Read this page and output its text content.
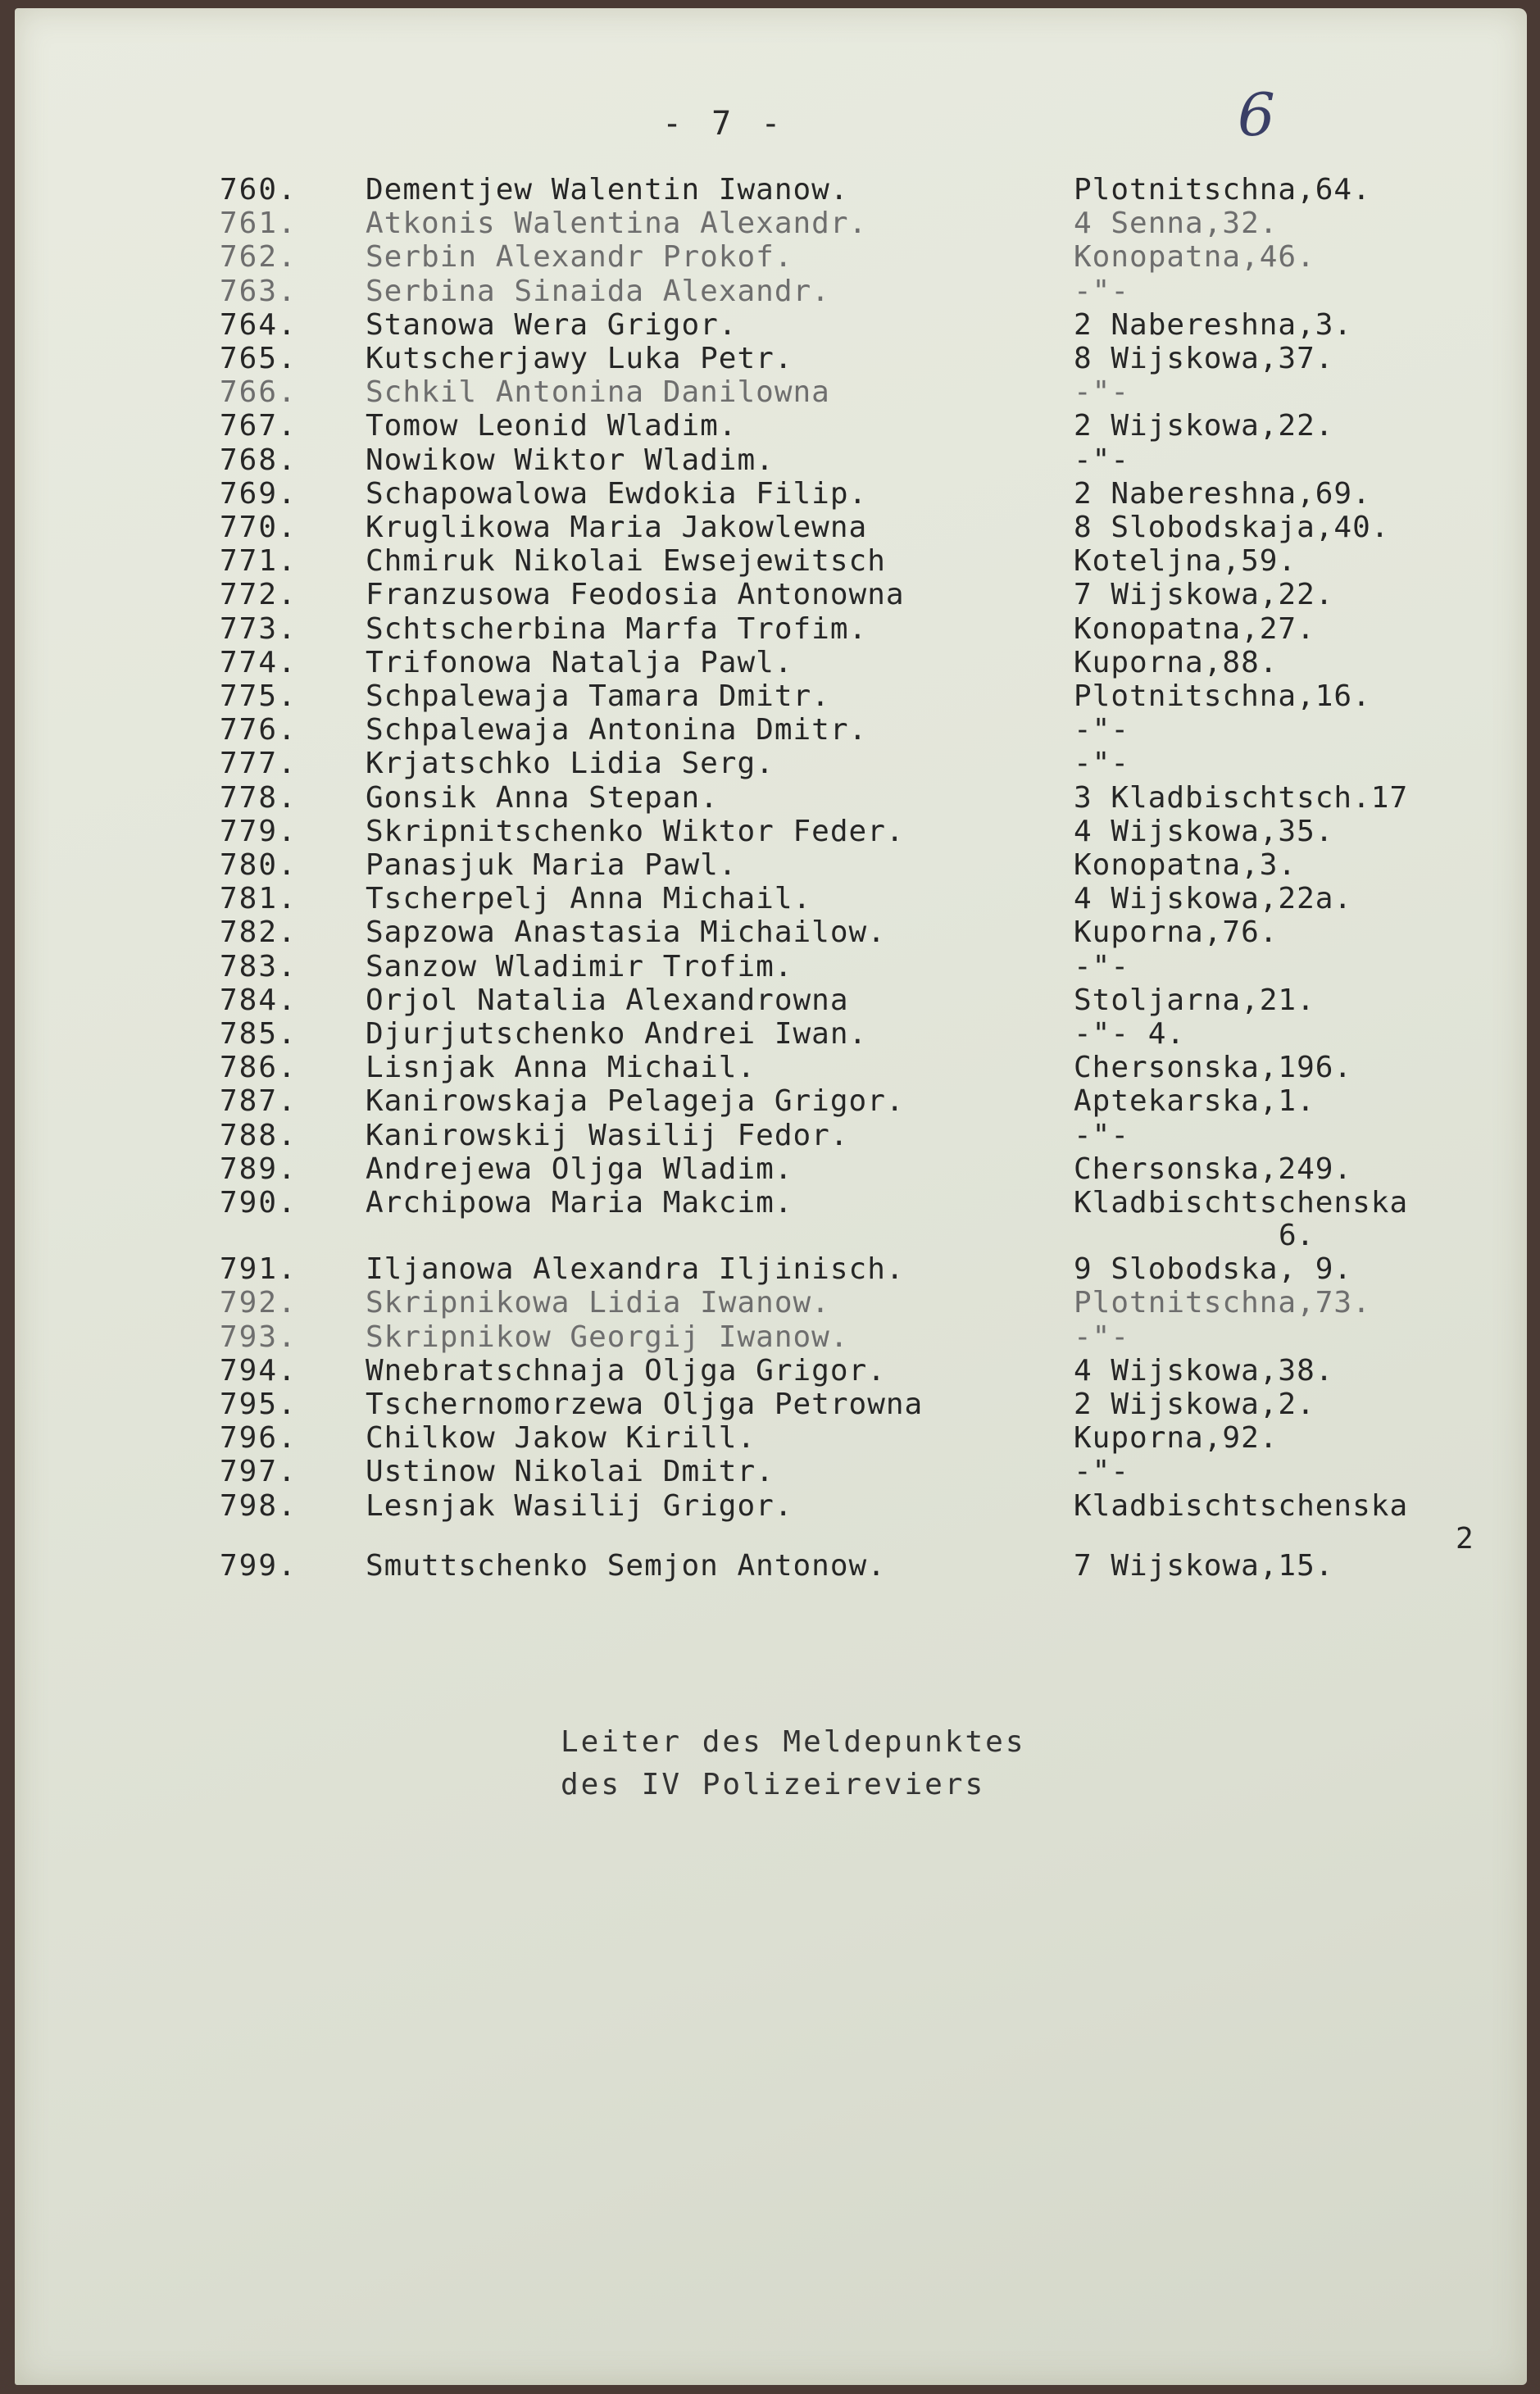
- 7 -	6
760. Dementjew Walentin Iwanow.	Plotnitschna,64.
761. Atkonis Walentina Alexandr.	4 Senna,32.
762. Serbin Alexandr Prokof.	Konopatna,46.
763. Serbina Sinaida Alexandr.	-"-
764. Stanowa Wera Grigor.	2 Nabereshna,3.
765. Kutscherjawy Luka Petr.	8 Wijskowa,37.
766. Schkil Antonina Danilowna	-"-
767. Tomow Leonid Wladim.	2 Wijskowa,22.
768. Nowikow Wiktor Wladim.	-"-
769. Schapowalowa Ewdokia Filip.	2 Nabereshna,69.
770. Kruglikowa Maria Jakowlewna	8 Slobodskaja,40.
771. Chmiruk Nikolai Ewsejewitsch	Koteljna,59.
772. Franzusowa Feodosia Antonowna	7 Wijskowa,22.
773. Schtscherbina Marfa Trofim.	Konopatna,27.
774. Trifonowa Natalja Pawl.	Kuporna,88.
775. Schpalewaja Tamara Dmitr.	Plotnitschna,16.
776. Schpalewaja Antonina Dmitr.	-"-
777. Krjatschko Lidia Serg.	-"-
778. Gonsik Anna Stepan.	3 Kladbischtsch.17
779. Skripnitschenko Wiktor Feder.	4 Wijskowa,35.
780. Panasjuk Maria Pawl.	Konopatna,3.
781. Tscherpelj Anna Michail.	4 Wijskowa,22a.
782. Sapzowa Anastasia Michailow.	Kuporna,76.
783. Sanzow Wladimir Trofim.	-"-
784. Orjol Natalia Alexandrowna	Stoljarna,21.
785. Djurjutschenko Andrei Iwan.	-"- 4.
786. Lisnjak Anna Michail.	Chersonska,196.
787. Kanirowskaja Pelageja Grigor.	Aptekarska,1.
788. Kanirowskij Wasilij Fedor.	-"-
789. Andrejewa Oljga Wladim.	Chersonska,249.
790. Archipowa Maria Makcim.	Kladbischtschenska
6.
791. Iljanowa Alexandra Iljinisch.	9 Slobodska, 9.
792. Skripnikowa Lidia Iwanow.	Plotnitschna,73.
793. Skripnikow Georgij Iwanow.	-"-
794. Wnebratschnaja Oljga Grigor.	4 Wijskowa,38.
795. Tschernomorzewa Oljga Petrowna	2 Wijskowa,2.
796. Chilkow Jakow Kirill.	Kuporna,92.
797. Ustinow Nikolai Dmitr.	-"-
798. Lesnjak Wasilij Grigor.	Kladbischtschenska
2
799. Smuttschenko Semjon Antonow.	7 Wijskowa,15.
Leiter des Meldepunktes
des IV Polizeireviers
